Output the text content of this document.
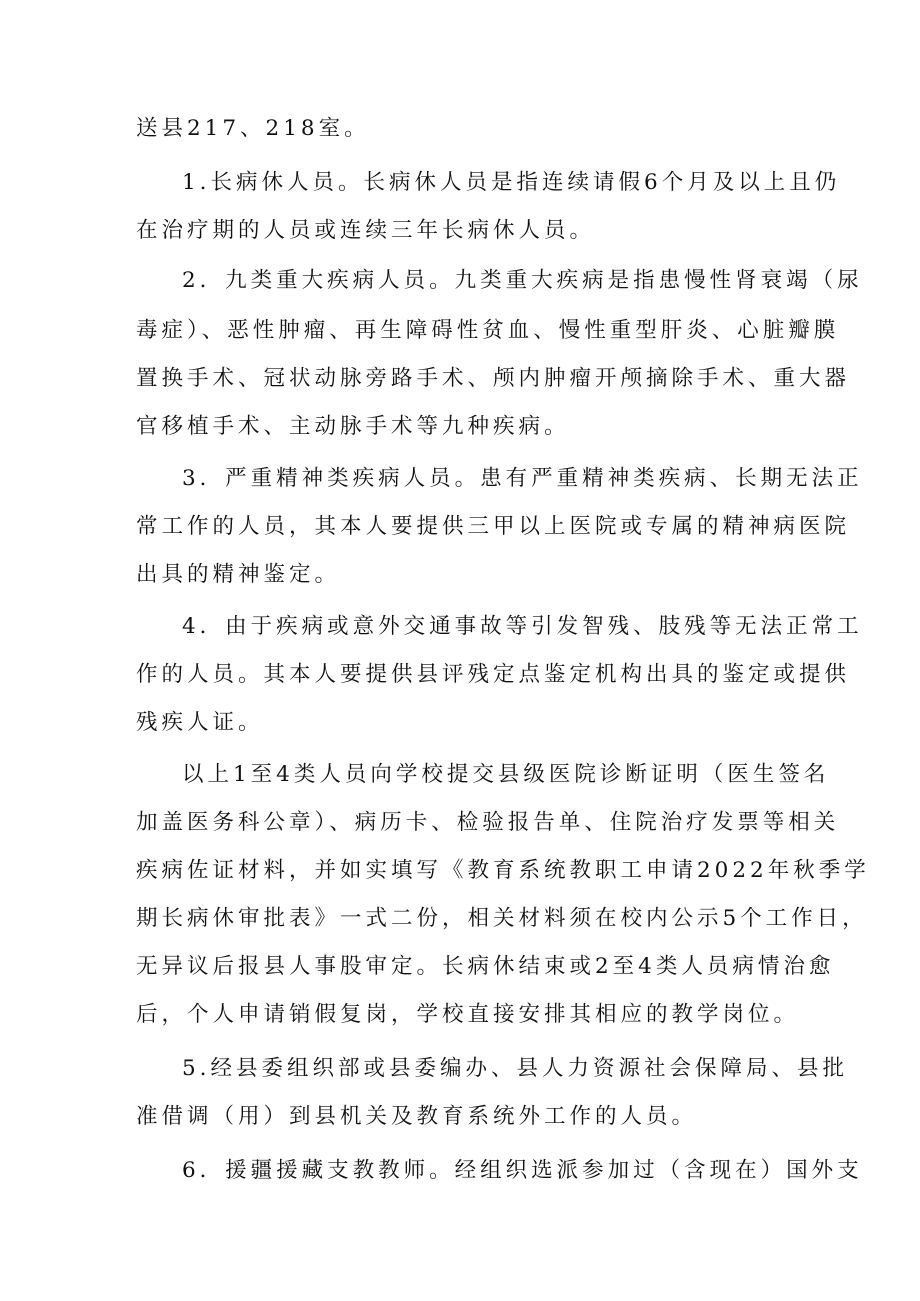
送县217、218室。
1.长病休人员。长病休人员是指连续请假6个月及以上且仍
在治疗期的人员或连续三年长病休人员。
2．九类重大疾病人员。九类重大疾病是指患慢性肾衰竭（尿
毒症）、恶性肿瘤、再生障碍性贫血、慢性重型肝炎、心脏瓣膜
置换手术、冠状动脉旁路手术、颅内肿瘤开颅摘除手术、重大器
官移植手术、主动脉手术等九种疾病。
3．严重精神类疾病人员。患有严重精神类疾病、长期无法正
常工作的人员，其本人要提供三甲以上医院或专属的精神病医院
出具的精神鉴定。
4．由于疾病或意外交通事故等引发智残、肢残等无法正常工
作的人员。其本人要提供县评残定点鉴定机构出具的鉴定或提供
残疾人证。
以上1至4类人员向学校提交县级医院诊断证明（医生签名
加盖医务科公章）、病历卡、检验报告单、住院治疗发票等相关
疾病佐证材料，并如实填写《教育系统教职工申请2022年秋季学
期长病休审批表》一式二份，相关材料须在校内公示5个工作日，
无异议后报县人事股审定。长病休结束或2至4类人员病情治愈
后，个人申请销假复岗，学校直接安排其相应的教学岗位。
5.经县委组织部或县委编办、县人力资源社会保障局、县批
准借调（用）到县机关及教育系统外工作的人员。
6．援疆援藏支教教师。经组织选派参加过（含现在）国外支
